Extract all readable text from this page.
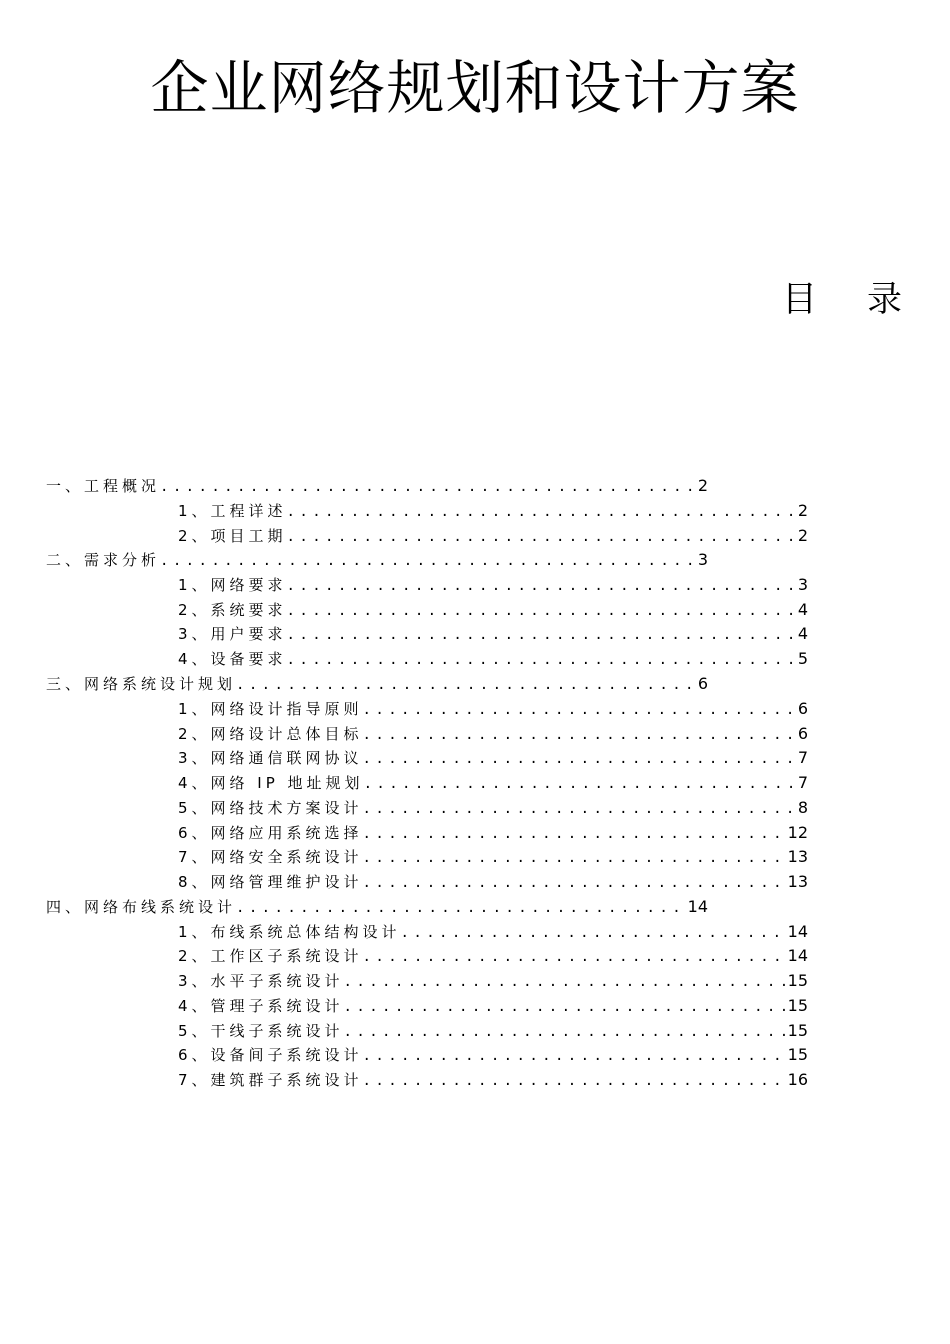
企业网络规划和设计方案
目 录
一、工程概况 .....	2
1、工程详述 .....	2
2、项目工期 .....	2
二、需求分析 .....	3
1、网络要求 .....	3
2、系统要求 .....	4
3、用户要求 .....	4
4、设备要求 .....	5
三、网络系统设计规划 .....	6
1、网络设计指导原则 .....	6
2、网络设计总体目标 .....	6
3、网络通信联网协议 .....	7
4、网络 IP 地址规划 .....	7
5、网络技术方案设计 .....	8
6、网络应用系统选择 .....	12
7、网络安全系统设计 .....	13
8、网络管理维护设计 .....	13
四、网络布线系统设计 .....	14
1、布线系统总体结构设计 .....	14
2、工作区子系统设计 .....	14
3、水平子系统设计 .....	15
4、管理子系统设计 .....	15
5、干线子系统设计 .....	15
6、设备间子系统设计 .....	15
7、建筑群子系统设计 .....	16
